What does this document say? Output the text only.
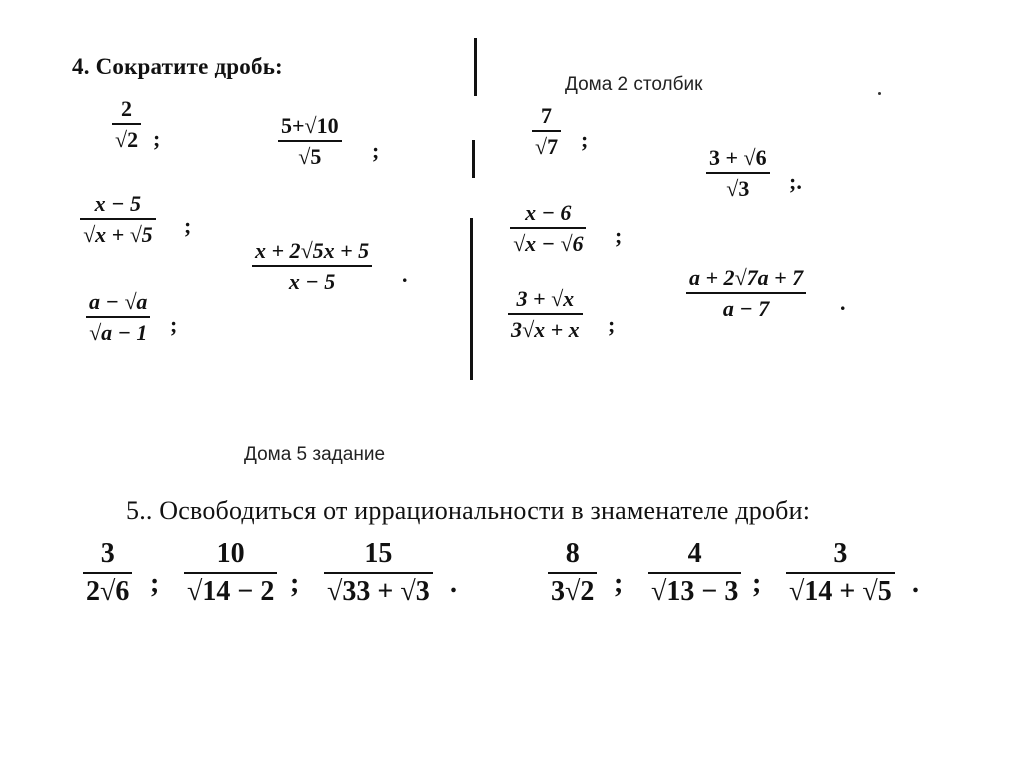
4. Сократите дробь:
Дома 2 столбик
2
√2 ;
5+√10
√5 ;
x − 5
√x + √5 ;
x + 2√5x + 5
x − 5	.
a − √a
√a − 1 ;
7
√7 ;
3 + √6
√3 ;.
x − 6
√x − √6 ;
a + 2√7a + 7
a − 7	.
3 + √x
3√x + x ;
Дома 5 задание
5.. Освободиться от иррациональности в знаменателе дроби:
3
2√6 ;
10
√14 − 2 ;
15
√33 + √3 .
8
3√2 ;
4
√13 − 3 ;
3
√14 + √5 .
